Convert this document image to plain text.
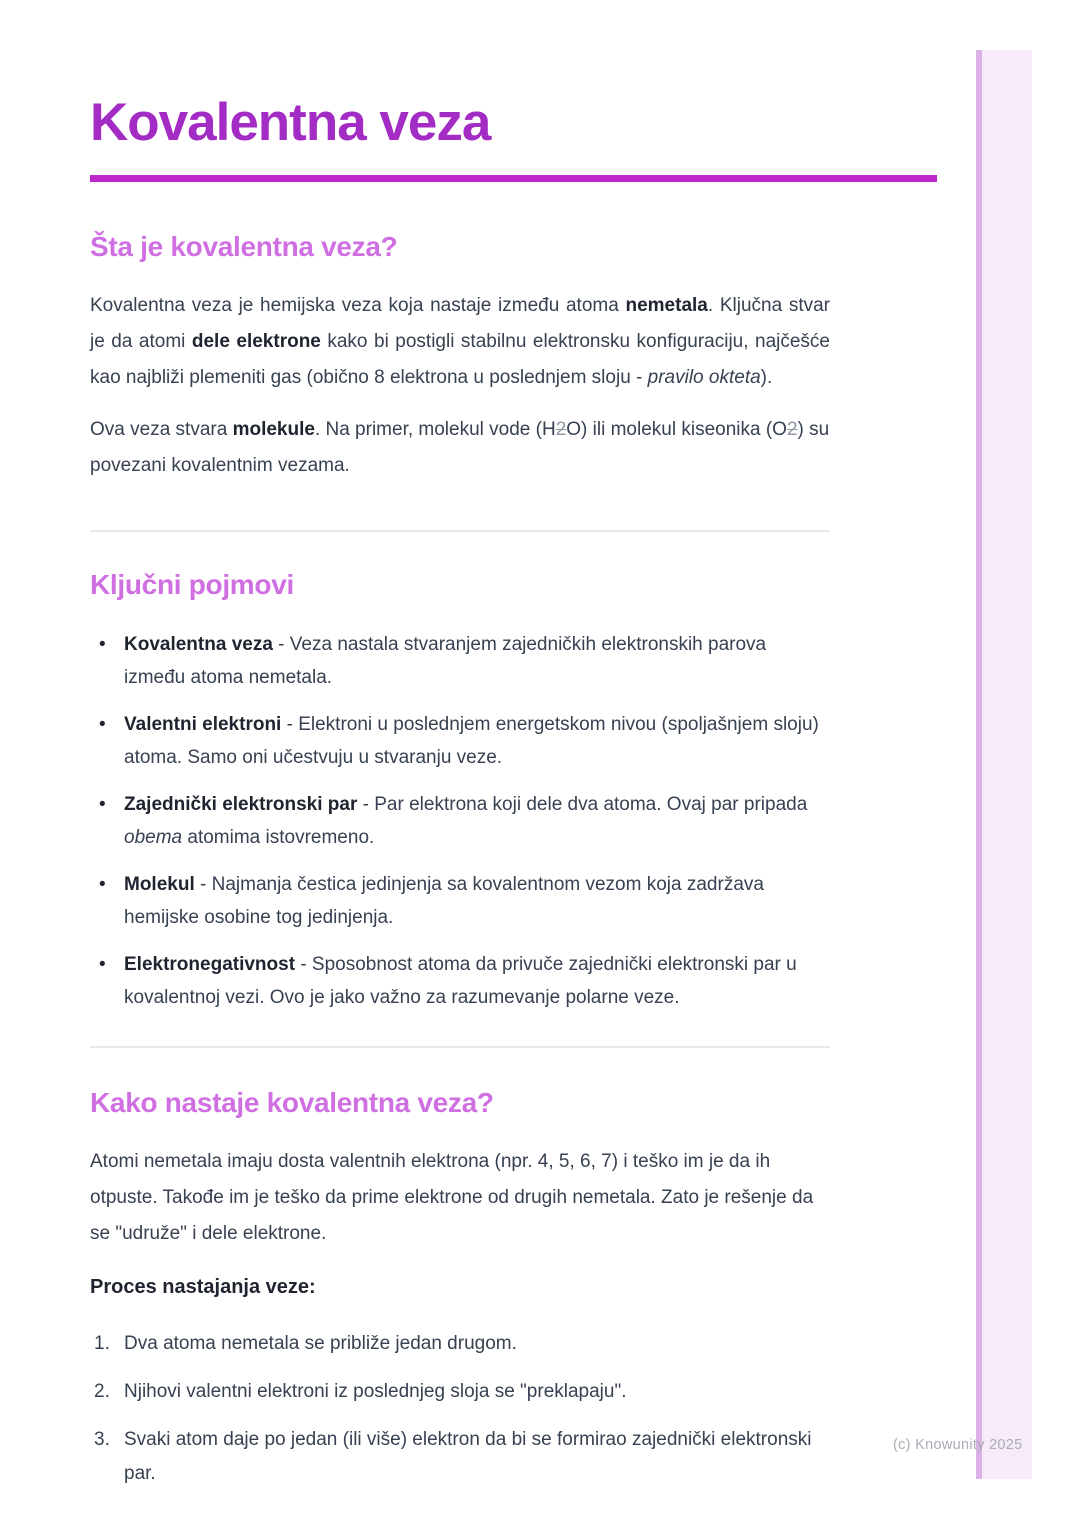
(c) Knowunity 2025
Kovalentna veza
Šta je kovalentna veza?

Kovalentna veza je hemijska veza koja nastaje između atoma nemetala. Ključna stvar je da atomi dele elektrone kako bi postigli stabilnu elektronsku konfiguraciju, najčešće kao najbliži plemeniti gas (obično 8 elektrona u poslednjem sloju - pravilo okteta).

Ova veza stvara molekule. Na primer, molekul vode (H2O) ili molekul kiseonika (O2) su povezani kovalentnim vezama.

Ključni pojmovi
• Kovalentna veza - Veza nastala stvaranjem zajedničkih elektronskih parova između atoma nemetala.
• Valentni elektroni - Elektroni u poslednjem energetskom nivou (spoljašnjem sloju) atoma. Samo oni učestvuju u stvaranju veze.
• Zajednički elektronski par - Par elektrona koji dele dva atoma. Ovaj par pripada obema atomima istovremeno.
• Molekul - Najmanja čestica jedinjenja sa kovalentnom vezom koja zadržava hemijske osobine tog jedinjenja.
• Elektronegativnost - Sposobnost atoma da privuče zajednički elektronski par u kovalentnoj vezi. Ovo je jako važno za razumevanje polarne veze.
Kako nastaje kovalentna veza?

Atomi nemetala imaju dosta valentnih elektrona (npr. 4, 5, 6, 7) i teško im je da ih otpuste. Takođe im je teško da prime elektrone od drugih nemetala. Zato je rešenje da se "udruže" i dele elektrone.

Proces nastajanja veze:

1. Dva atoma nemetala se približe jedan drugom.
2. Njihovi valentni elektroni iz poslednjeg sloja se "preklapaju".
3. Svaki atom daje po jedan (ili više) elektron da bi se formirao zajednički elektronski par.
